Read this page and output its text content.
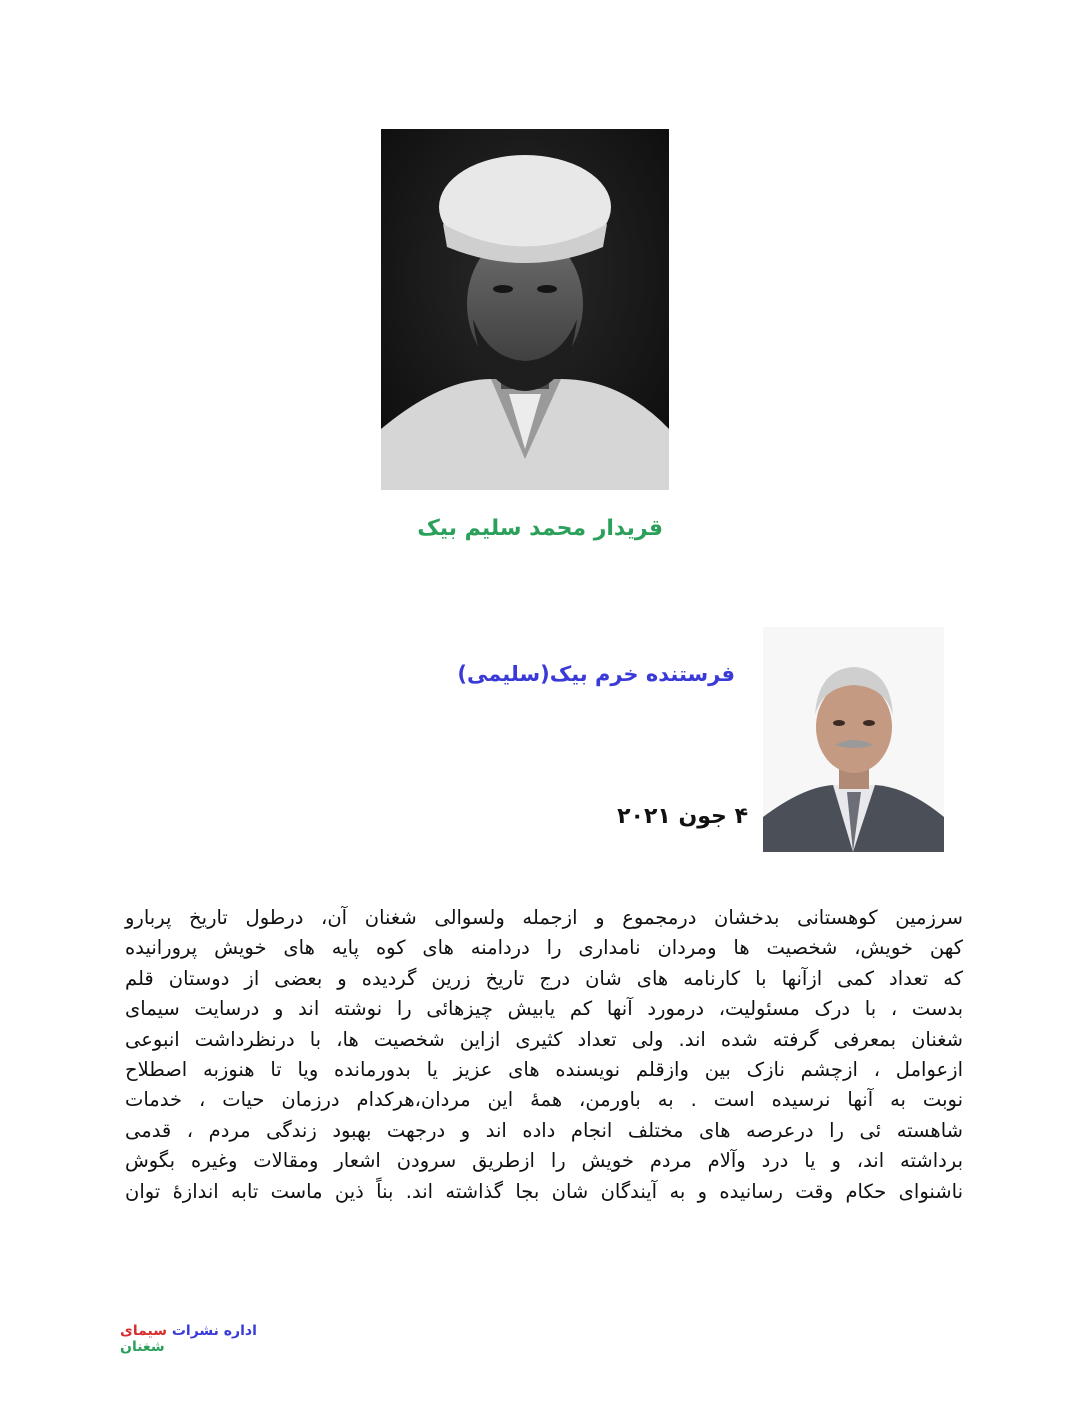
قریدار محمد سلیم بیک
فرستنده خرم بیک(سلیمی)
۴ جون ۲۰۲۱
سرزمین کوهستانی بدخشان درمجموع و ازجمله ولسوالی شغنان آن، درطول تاریخ پربارو
کهن خویش، شخصیت ها ومردان نامداری را دردامنه های کوه پایه های خویش پرورانیده
که تعداد کمی ازآنها با کارنامه های شان درج تاریخ زرین گردیده و بعضی از دوستان قلم
بدست ، با درک مسئولیت، درمورد آنها کم یابیش چیزهائی را نوشته اند و درسایت سیمای
شغنان بمعرفی گرفته شده اند. ولی تعداد کثیری ازاین شخصیت ها، با درنظرداشت انبوعی
ازعوامل ، ازچشم نازک بین وازقلم نویسنده های عزیز یا بدورمانده ویا تا هنوزبه اصطلاح
نوبت به آنها نرسیده است . به باورمن، همهٔ این مردان،هرکدام درزمان حیات ، خدمات
شاهسته ئی را درعرصه های مختلف انجام داده اند و درجهت بهبود زندگی مردم ، قدمی
برداشته اند، و یا درد وآلام مردم خویش را ازطریق سرودن اشعار ومقالات وغیره بگوش
ناشنوای حکام وقت رسانیده و به آیندگان شان بجا گذاشته اند. بناً ذین ماست تابه اندازهٔ توان
اداره نشرات سیمای شغنان
